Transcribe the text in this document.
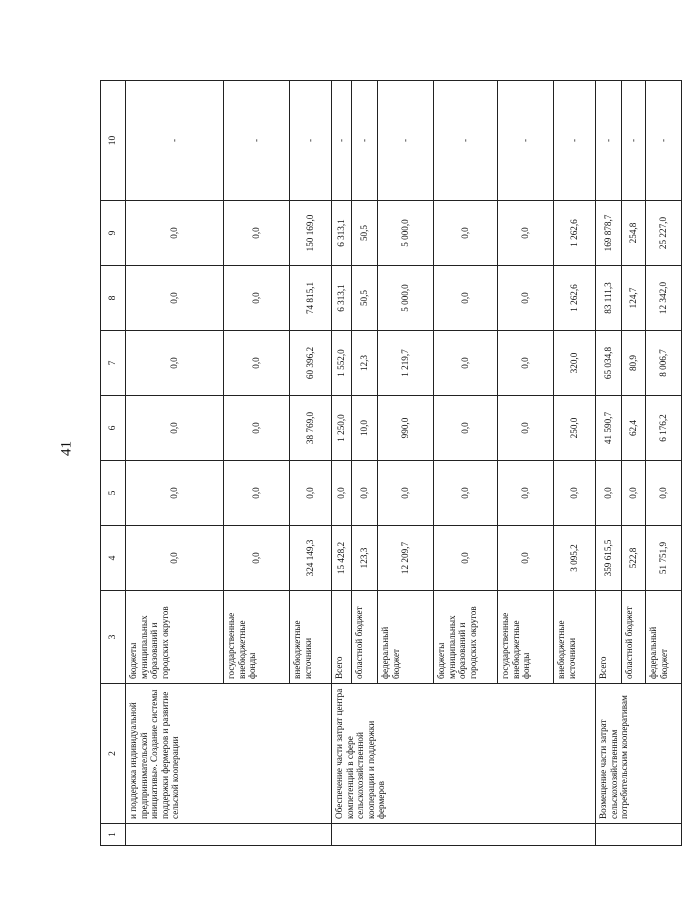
41
1	2	3	4	5	6	7	8	9	10
	и поддержка индивидуальной предпринимательской инициативы». Создание системы поддержки фермеров и развитие сельской кооперации	бюджеты муниципальных образований и городских округов	0,0	0,0	0,0	0,0	0,0	0,0	-
		государственные внебюджетные фонды	0,0	0,0	0,0	0,0	0,0	0,0	-
		внебюджетные источники	324 149,3	0,0	38 769,0	60 396,2	74 815,1	150 169,0	-
	Обеспечение части затрат центра компетенций в сфере сельскохозяйственной кооперации и поддержки фермеров	Всего	15 428,2	0,0	1 250,0	1 552,0	6 313,1	6 313,1	-
		областной бюджет	123,3	0,0	10,0	12,3	50,5	50,5	-
		федеральный бюджет	12 209,7	0,0	990,0	1 219,7	5 000,0	5 000,0	-
		бюджеты муниципальных образований и городских округов	0,0	0,0	0,0	0,0	0,0	0,0	-
		государственные внебюджетные фонды	0,0	0,0	0,0	0,0	0,0	0,0	-
		внебюджетные источники	3 095,2	0,0	250,0	320,0	1 262,6	1 262,6	-
	Возмещение части затрат сельскохозяйственным потребительским кооперативам	Всего	359 615,5	0,0	41 590,7	65 034,8	83 111,3	169 878,7	-
		областной бюджет	522,8	0,0	62,4	80,9	124,7	254,8	-
		федеральный бюджет	51 751,9	0,0	6 176,2	8 006,7	12 342,0	25 227,0	-
